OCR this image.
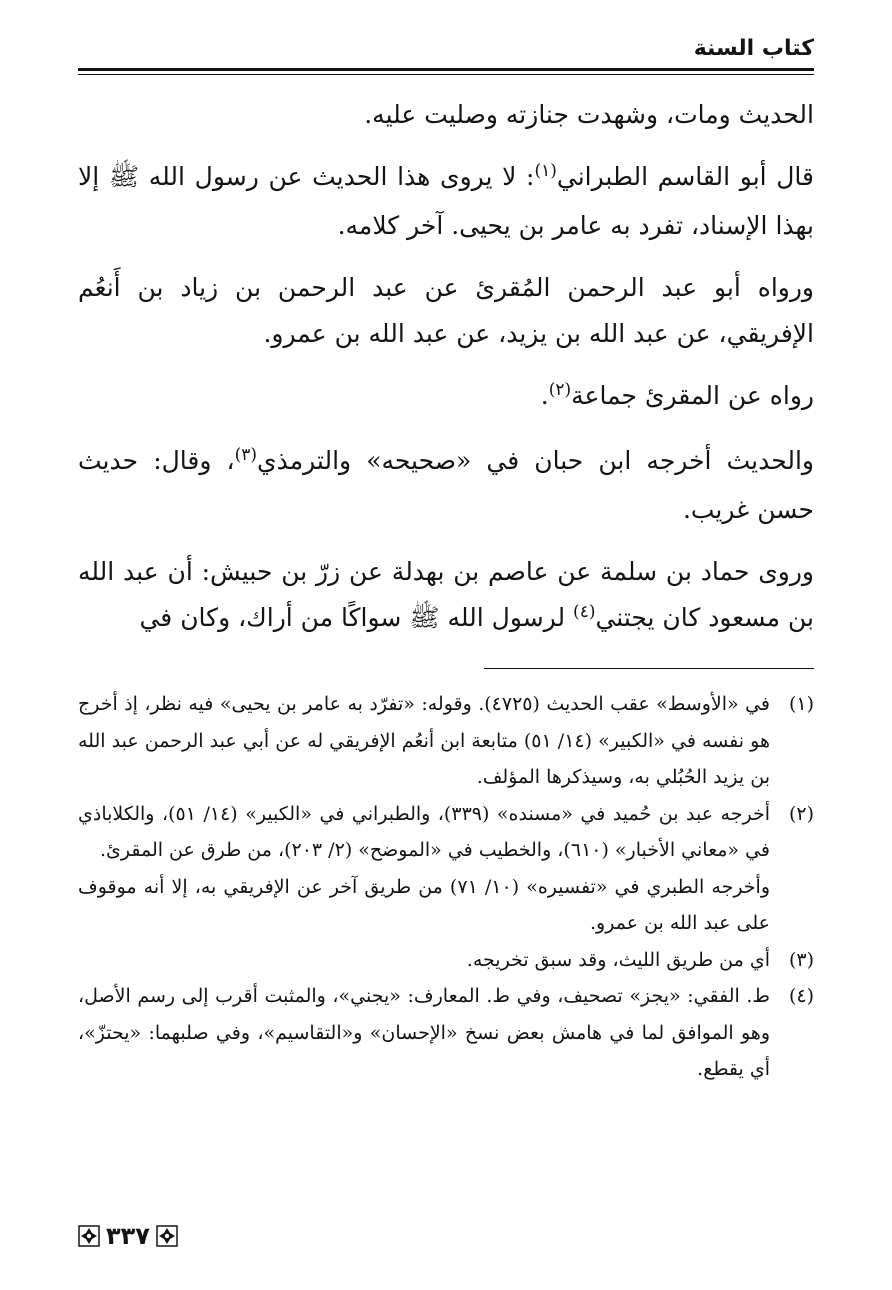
كتاب السنة

الحديث ومات، وشهدت جنازته وصليت عليه.

قال أبو القاسم الطبراني$^{(١)}$: لا يروى هذا الحديث عن رسول الله ﷺ إلا بهذا الإسناد، تفرد به عامر بن يحيى. آخر كلامه.

ورواه أبو عبد الرحمن المُقرئ عن عبد الرحمن بن زياد بن أَنعُم الإفريقي، عن عبد الله بن يزيد، عن عبد الله بن عمرو.

رواه عن المقرئ جماعة$^{(٢)}$.

والحديث أخرجه ابن حبان في «صحيحه» والترمذي$^{(٣)}$، وقال: حديث حسن غريب.

وروى حماد بن سلمة عن عاصم بن بهدلة عن زرّ بن حبيش: أن عبد الله بن مسعود كان يجتني$^{(٤)}$ لرسول الله ﷺ سواكًا من أراك، وكان في

(١)

في «الأوسط» عقب الحديث (٤٧٢٥). وقوله: «تفرّد به عامر بن يحيى» فيه نظر، إذ أخرج هو نفسه في «الكبير» (١٤/ ٥١) متابعة ابن أنعُم الإفريقي له عن أبي عبد الرحمن عبد الله بن يزيد الحُبُلي به، وسيذكرها المؤلف.

(٢)

أخرجه عبد بن حُميد في «مسنده» (٣٣٩)، والطبراني في «الكبير» (١٤/ ٥١)، والكلاباذي في «معاني الأخبار» (٦١٠)، والخطيب في «الموضح» (٢/ ٢٠٣)، من طرق عن المقرئ.

وأخرجه الطبري في «تفسيره» (١٠/ ٧١) من طريق آخر عن الإفريقي به، إلا أنه موقوف على عبد الله بن عمرو.

(٣)

أي من طريق الليث، وقد سبق تخريجه.

(٤)

ط. الفقي: «يجز» تصحيف، وفي ط. المعارف: «يجني»، والمثبت أقرب إلى رسم الأصل، وهو الموافق لما في هامش بعض نسخ «الإحسان» و«التقاسيم»، وفي صلبهما: «يحتزّ»، أي يقطع.

٣٣٧
